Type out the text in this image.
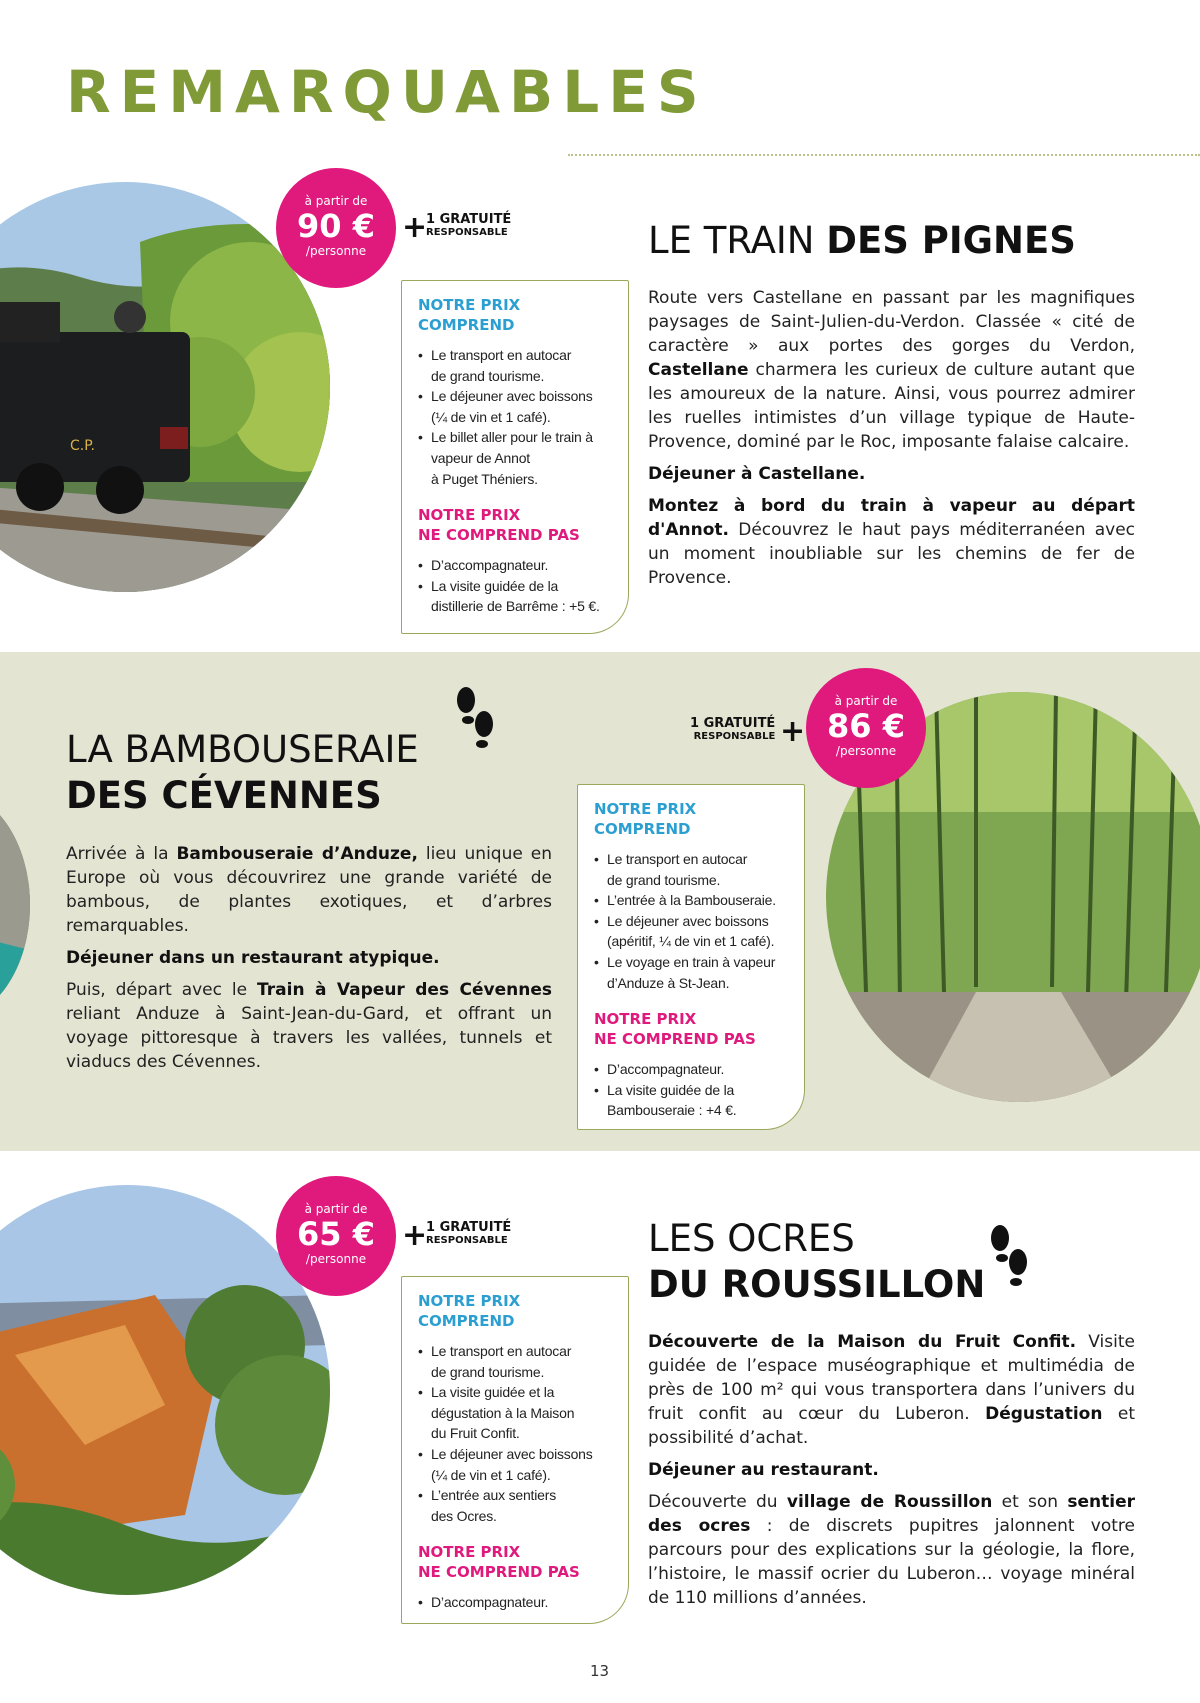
REMARQUABLES
C.P.
à partir de
90 €
/personne
+
1 GRATUITÉ
RESPONSABLE
NOTRE PRIX
COMPREND
• Le transport en autocar
de grand tourisme.
• Le déjeuner avec boissons
(¼ de vin et 1 café).
• Le billet aller pour le train à
vapeur de Annot
à Puget Théniers.
NOTRE PRIX
NE COMPREND PAS
• D’accompagnateur.
• La visite guidée de la
distillerie de Barrême : +5 €.
LE TRAIN DES PIGNES

Route vers Castellane en passant par les magnifiques paysages de Saint-Julien-du-Verdon. Classée « cité de caractère » aux portes des gorges du Verdon, Castellane charmera les curieux de culture autant que les amoureux de la nature. Ainsi, vous pourrez admirer les ruelles intimistes d’un village typique de Haute-Provence, dominé par le Roc, imposante falaise calcaire.

Déjeuner à Castellane.

Montez à bord du train à vapeur au départ d'Annot. Découvrez le haut pays méditerranéen avec un moment inoubliable sur les chemins de fer de Provence.

LA BAMBOUSERAIE
DES CÉVENNES

Arrivée à la Bambouseraie d’Anduze, lieu unique en Europe où vous découvrirez une grande variété de bambous, de plantes exotiques, et d’arbres remarquables.

Déjeuner dans un restaurant atypique.

Puis, départ avec le Train à Vapeur des Cévennes reliant Anduze à Saint-Jean-du-Gard, et offrant un voyage pittoresque à travers les vallées, tunnels et viaducs des Cévennes.

NOTRE PRIX
COMPREND
• Le transport en autocar
de grand tourisme.
• L’entrée à la Bambouseraie.
• Le déjeuner avec boissons
(apéritif, ¼ de vin et 1 café).
• Le voyage en train à vapeur
d’Anduze à St-Jean.
NOTRE PRIX
NE COMPREND PAS
• D’accompagnateur.
• La visite guidée de la
Bambouseraie : +4 €.
1 GRATUITÉ
RESPONSABLE +
à partir de
86 €
/personne
à partir de
65 €
/personne
+
1 GRATUITÉ
RESPONSABLE
NOTRE PRIX
COMPREND
• Le transport en autocar
de grand tourisme.
• La visite guidée et la
dégustation à la Maison
du Fruit Confit.
• Le déjeuner avec boissons
(¼ de vin et 1 café).
• L’entrée aux sentiers
des Ocres.
NOTRE PRIX
NE COMPREND PAS
• D’accompagnateur.
LES OCRES
DU ROUSSILLON

Découverte de la Maison du Fruit Confit. Visite guidée de l’espace muséographique et multimédia de près de 100 m² qui vous transportera dans l’univers du fruit confit au cœur du Luberon. Dégustation et possibilité d’achat.

Déjeuner au restaurant.

Découverte du village de Roussillon et son sentier des ocres : de discrets pupitres jalonnent votre parcours pour des explications sur la géologie, la flore, l’histoire, le massif ocrier du Luberon… voyage minéral de 110 millions d’années.

13
